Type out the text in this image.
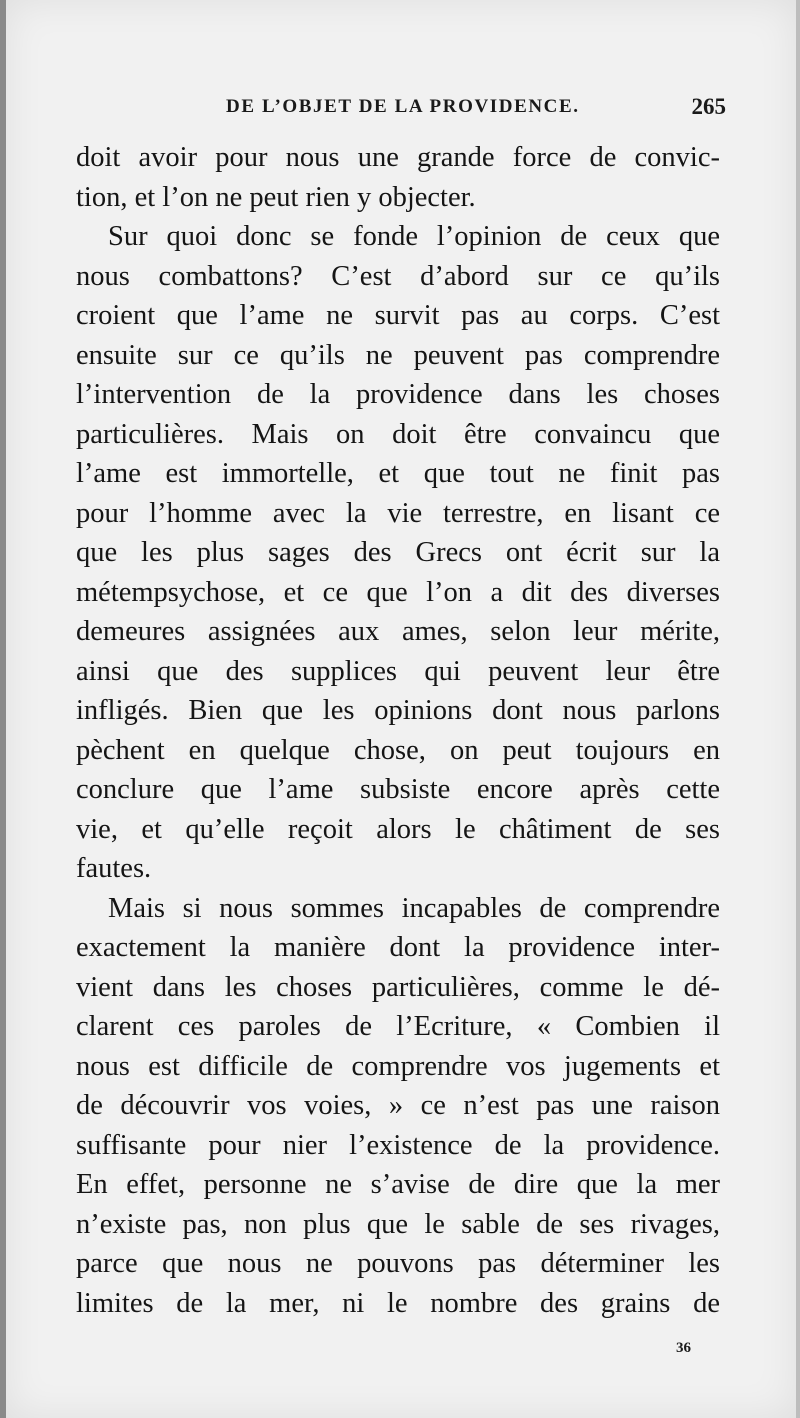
DE L’OBJET DE LA PROVIDENCE.	265
doit avoir pour nous une grande force de convic-
tion, et l’on ne peut rien y objecter.
Sur quoi donc se fonde l’opinion de ceux que
nous combattons? C’est d’abord sur ce qu’ils
croient que l’ame ne survit pas au corps. C’est
ensuite sur ce qu’ils ne peuvent pas comprendre
l’intervention de la providence dans les choses
particulières. Mais on doit être convaincu que
l’ame est immortelle, et que tout ne finit pas
pour l’homme avec la vie terrestre, en lisant ce
que les plus sages des Grecs ont écrit sur la
métempsychose, et ce que l’on a dit des diverses
demeures assignées aux ames, selon leur mérite,
ainsi que des supplices qui peuvent leur être
infligés. Bien que les opinions dont nous parlons
pèchent en quelque chose, on peut toujours en
conclure que l’ame subsiste encore après cette
vie, et qu’elle reçoit alors le châtiment de ses
fautes.
Mais si nous sommes incapables de comprendre
exactement la manière dont la providence inter-
vient dans les choses particulières, comme le dé-
clarent ces paroles de l’Ecriture, « Combien il
nous est difficile de comprendre vos jugements et
de découvrir vos voies, » ce n’est pas une raison
suffisante pour nier l’existence de la providence.
En effet, personne ne s’avise de dire que la mer
n’existe pas, non plus que le sable de ses rivages,
parce que nous ne pouvons pas déterminer les
limites de la mer, ni le nombre des grains de
36
